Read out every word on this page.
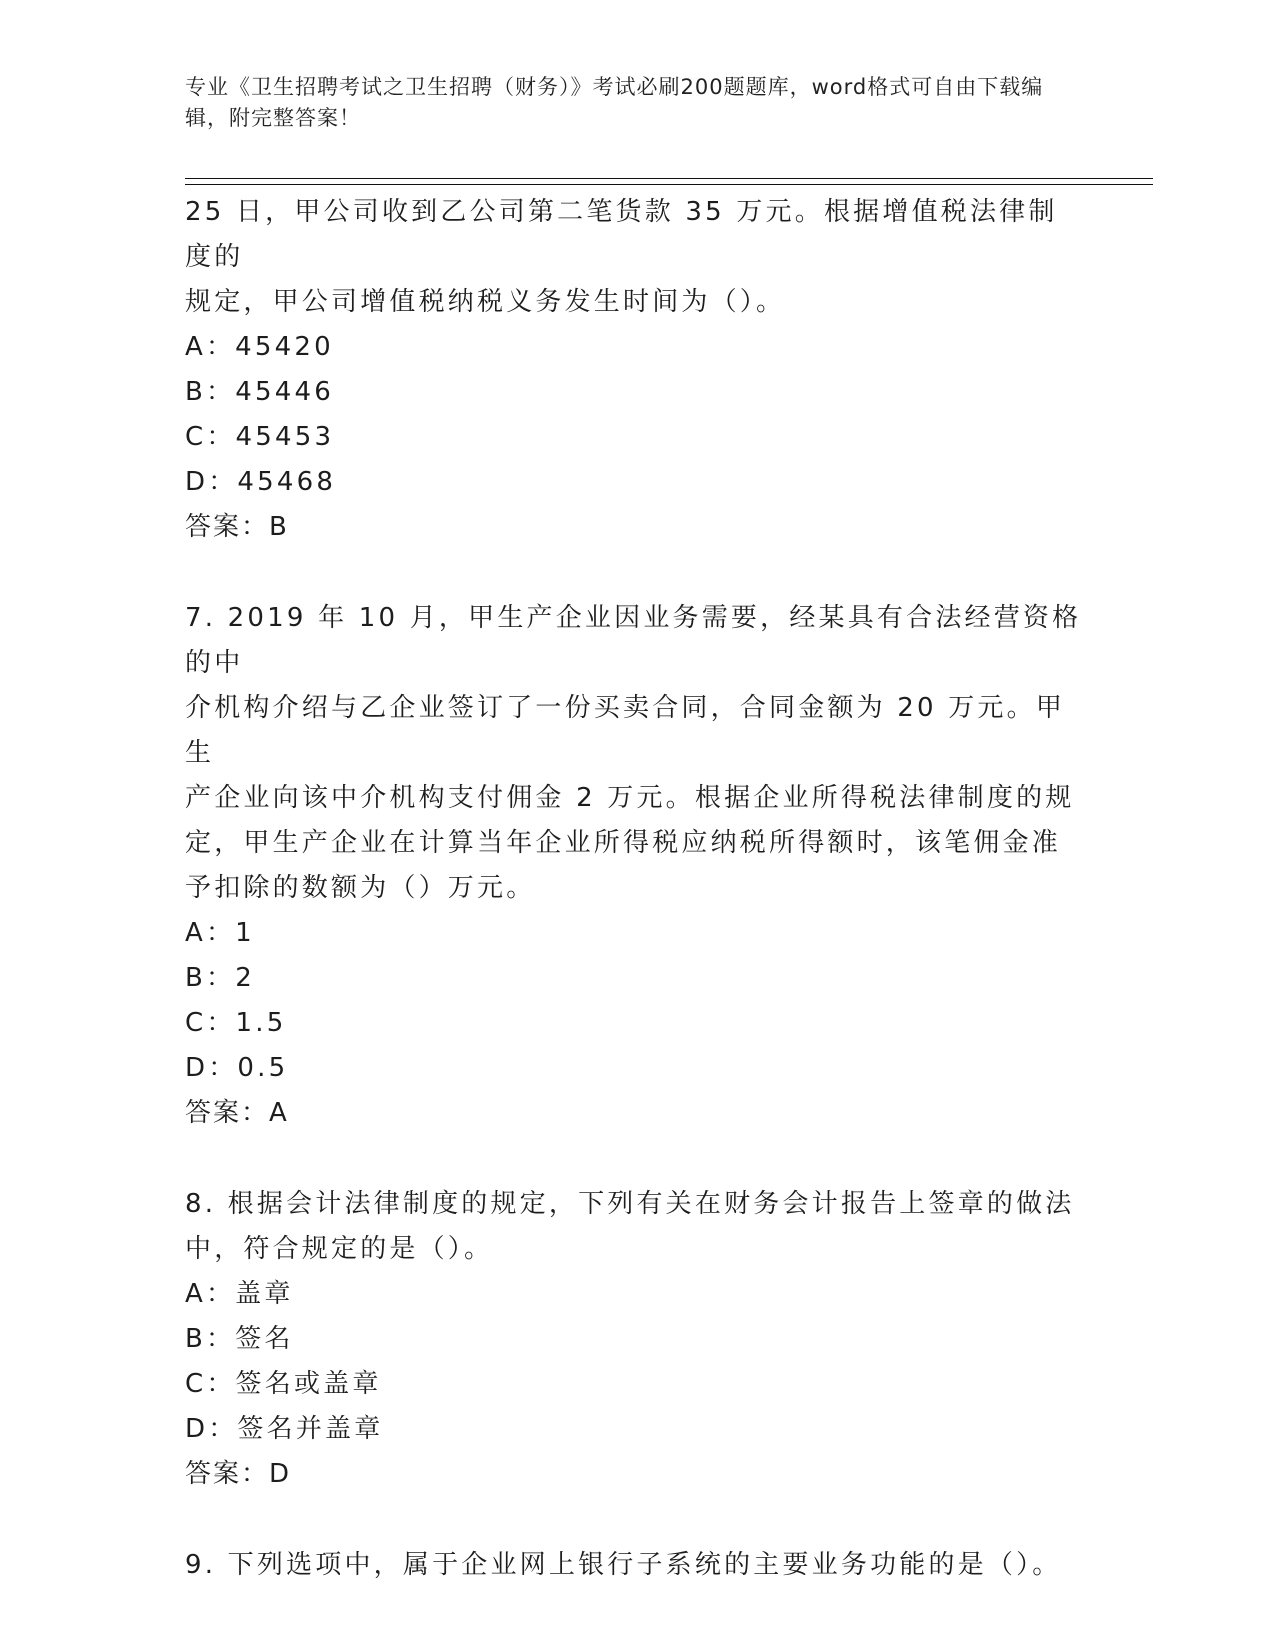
专业《卫生招聘考试之卫生招聘（财务）》考试必刷200题题库，word格式可自由下载编辑，附完整答案！

25 日，甲公司收到乙公司第二笔货款 35 万元。根据增值税法律制度的

规定，甲公司增值税纳税义务发生时间为（）。

A：45420

B：45446

C：45453

D：45468

答案：B

7. 2019 年 10 月，甲生产企业因业务需要，经某具有合法经营资格的中

介机构介绍与乙企业签订了一份买卖合同，合同金额为 20 万元。甲生

产企业向该中介机构支付佣金 2 万元。根据企业所得税法律制度的规

定，甲生产企业在计算当年企业所得税应纳税所得额时，该笔佣金准

予扣除的数额为（）万元。

A：1

B：2

C：1.5

D：0.5

答案：A

8. 根据会计法律制度的规定，下列有关在财务会计报告上签章的做法

中，符合规定的是（）。

A：盖章

B：签名

C：签名或盖章

D：签名并盖章

答案：D

9. 下列选项中，属于企业网上银行子系统的主要业务功能的是（）。
